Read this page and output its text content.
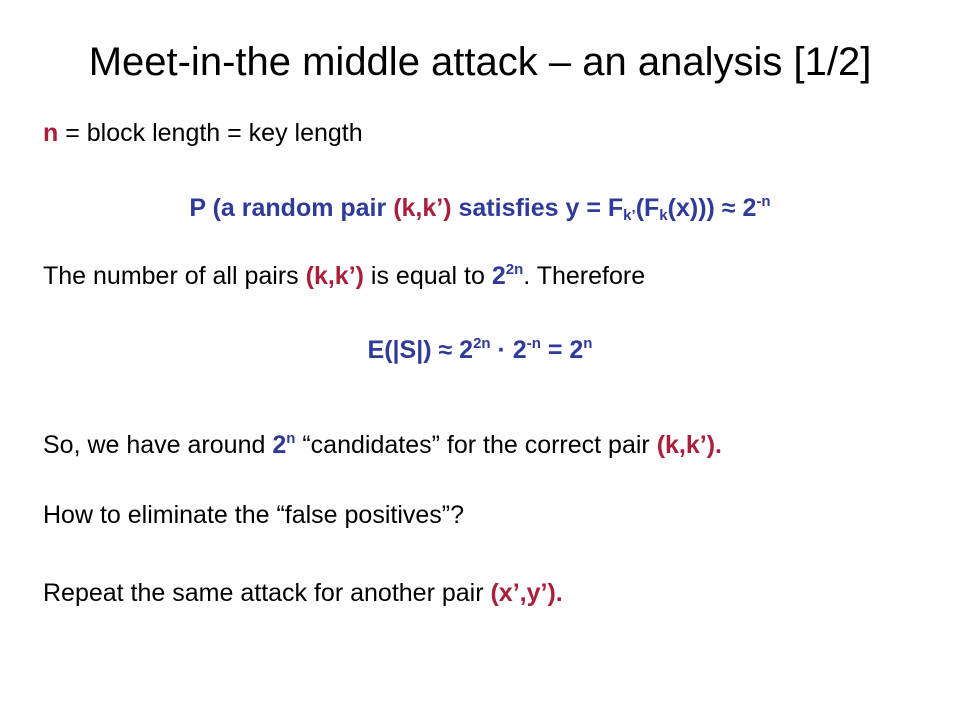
Meet-in-the middle attack – an analysis [1/2]
n = block length = key length
P (a random pair (k,k’) satisfies $y = F_{k’}(F_k(x))) \approx 2^{-n}$
The number of all pairs (k,k’) is equal to $2^{2n}$. Therefore
$E(|S|) \approx 2^{2n} \cdot 2^{-n} = 2^n$
So, we have around 2$^n$ “candidates” for the correct pair (k,k’).
How to eliminate the “false positives”?
Repeat the same attack for another pair (x’,y’).
